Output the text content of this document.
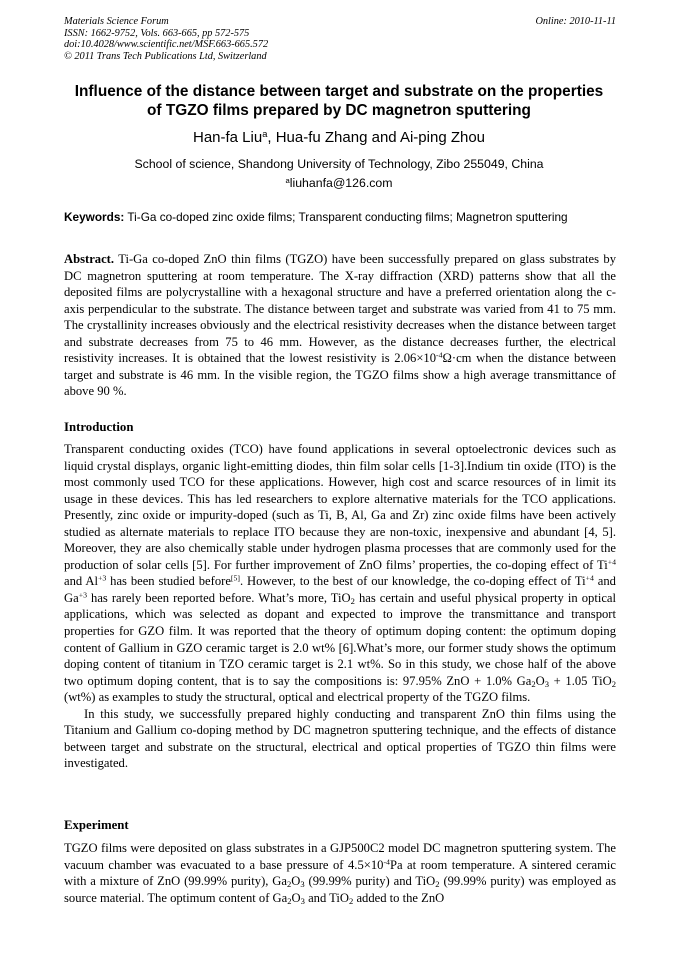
Materials Science Forum
ISSN: 1662-9752, Vols. 663-665, pp 572-575
doi:10.4028/www.scientific.net/MSF.663-665.572
© 2011 Trans Tech Publications Ltd, Switzerland
Online: 2010-11-11
Influence of the distance between target and substrate on the properties
of TGZO films prepared by DC magnetron sputtering
Han-fa Liu$^a$, Hua-fu Zhang and Ai-ping Zhou
School of science, Shandong University of Technology, Zibo 255049, China
$^a$liuhanfa@126.com
Keywords: Ti-Ga co-doped zinc oxide films; Transparent conducting films; Magnetron sputtering

Abstract. Ti-Ga co-doped ZnO thin films (TGZO) have been successfully prepared on glass substrates by DC magnetron sputtering at room temperature. The X-ray diffraction (XRD) patterns show that all the deposited films are polycrystalline with a hexagonal structure and have a preferred orientation along the c-axis perpendicular to the substrate. The distance between target and substrate was varied from 41 to 75 mm. The crystallinity increases obviously and the electrical resistivity decreases when the distance between target and substrate decreases from 75 to 46 mm. However, as the distance decreases further, the electrical resistivity increases. It is obtained that the lowest resistivity is $2.06\times 10^{-4}\Omega\cdot cm$ when the distance between target and substrate is 46 mm. In the visible region, the TGZO films show a high average transmittance of above 90 %.

Introduction

Transparent conducting oxides (TCO) have found applications in several optoelectronic devices such as liquid crystal displays, organic light-emitting diodes, thin film solar cells [1-3].Indium tin oxide (ITO) is the most commonly used TCO for these applications. However, high cost and scarce resources of in limit its usage in these devices. This has led researchers to explore alternative materials for the TCO applications. Presently, zinc oxide or impurity-doped (such as Ti, B, Al, Ga and Zr) zinc oxide films have been actively studied as alternate materials to replace ITO because they are non-toxic, inexpensive and abundant [4, 5]. Moreover, they are also chemically stable under hydrogen plasma processes that are commonly used for the production of solar cells [5]. For further improvement of ZnO films’ properties, the co-doping effect of $Ti^{+4}$ and $Al^{+3}$ has been studied before[5]. However, to the best of our knowledge, the co-doping effect of $Ti^{+4}$ and $Ga^{+3}$ has rarely been reported before. What’s more, TiO$_2$ has certain and useful physical property in optical applications, which was selected as dopant and expected to improve the transmittance and transport properties for GZO film. It was reported that the theory of optimum doping content: the optimum doping content of Gallium in GZO ceramic target is 2.0 wt% [6].What’s more, our former study shows the optimum doping content of titanium in TZO ceramic target is 2.1 wt%. So in this study, we chose half of the above two optimum doping content, that is to say the compositions is: 97.95% ZnO + 1.0% $Ga_2O_3 + 1.05$ TiO$_2$ (wt%) as examples to study the structural, optical and electrical property of the TGZO films.

In this study, we successfully prepared highly conducting and transparent ZnO thin films using the Titanium and Gallium co-doping method by DC magnetron sputtering technique, and the effects of distance between target and substrate on the structural, electrical and optical properties of TGZO thin films were investigated.

Experiment

TGZO films were deposited on glass substrates in a GJP500C2 model DC magnetron sputtering system. The vacuum chamber was evacuated to a base pressure of $4.5\times 10^{-4}Pa$ at room temperature. A sintered ceramic with a mixture of ZnO (99.99% purity), $Ga_2O_3$ (99.99% purity) and TiO$_2$ (99.99% purity) was employed as source material. The optimum content of $Ga_2O_3$ and TiO$_2$ added to the ZnO
